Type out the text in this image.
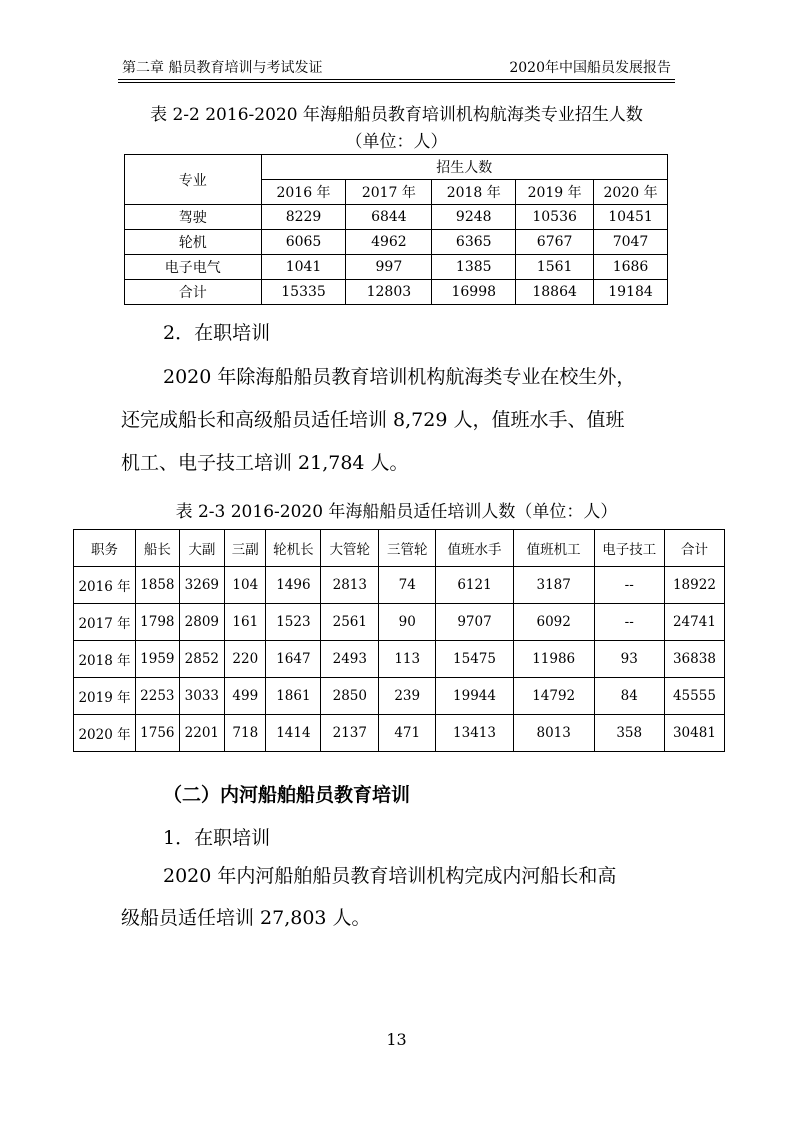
第二章 船员教育培训与考试发证	2020年中国船员发展报告
表 2-2 2016-2020 年海船船员教育培训机构航海类专业招生人数
（单位：人）
专业	招生人数				
	2016 年	2017 年	2018 年	2019 年	2020 年
驾驶	8229	6844	9248	10536	10451
轮机	6065	4962	6365	6767	7047
电子电气	1041	997	1385	1561	1686
合计	15335	12803	16998	18864	19184
2．在职培训
2020 年除海船船员教育培训机构航海类专业在校生外，
还完成船长和高级船员适任培训 8,729 人，值班水手、值班
机工、电子技工培训 21,784 人。
表 2-3 2016-2020 年海船船员适任培训人数（单位：人）
职务	船长	大副	三副	轮机长	大管轮	三管轮	值班水手	值班机工	电子技工	合计
2016 年	1858	3269	104	1496	2813	74	6121	3187	--	18922
2017 年	1798	2809	161	1523	2561	90	9707	6092	--	24741
2018 年	1959	2852	220	1647	2493	113	15475	11986	93	36838
2019 年	2253	3033	499	1861	2850	239	19944	14792	84	45555
2020 年	1756	2201	718	1414	2137	471	13413	8013	358	30481
（二）内河船舶船员教育培训
1．在职培训
2020 年内河船舶船员教育培训机构完成内河船长和高
级船员适任培训 27,803 人。
13
